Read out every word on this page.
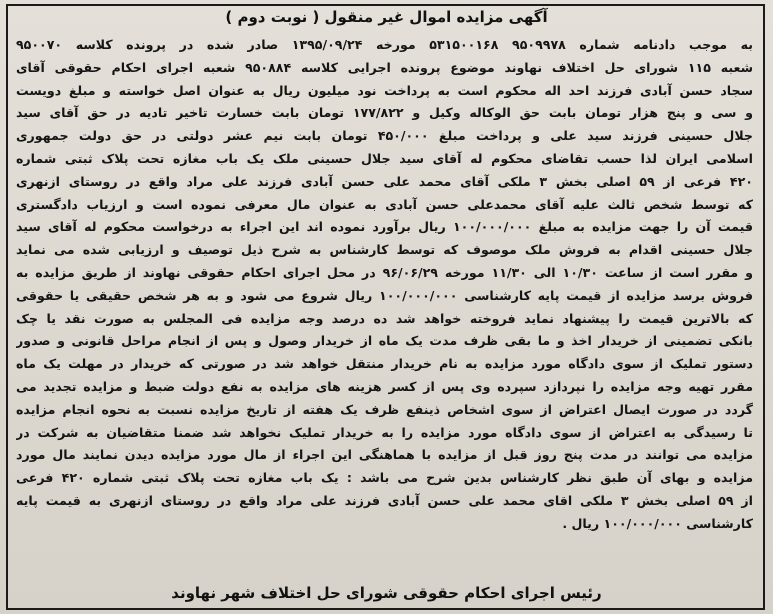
آگهی مزایده اموال غیر منقول ( نوبت دوم )
به موجب دادنامه شماره ۹۵۰۹۹۷۸ ۵۳۱۵۰۰۱۶۸ مورخه ۱۳۹۵/۰۹/۲۴ صادر شده در پرونده کلاسه ۹۵۰۰۷۰
شعبه ۱۱۵ شورای حل اختلاف نهاوند موضوع پرونده اجرایی کلاسه ۹۵۰۸۸۴ شعبه اجرای احکام حقوقی آقای
سجاد حسن آبادی فرزند احد اله محکوم است به پرداخت نود میلیون ریال به عنوان اصل خواسته و مبلغ دویست
و سی و پنج هزار تومان بابت حق الوکاله وکیل و ۱۷۷/۸۲۲ تومان بابت خسارت تاخیر تادیه در حق آقای سید
جلال حسینی فرزند سید علی و پرداخت مبلغ ۴۵۰/۰۰۰ تومان بابت نیم عشر دولتی در حق دولت جمهوری
اسلامی ایران لذا حسب تقاضای محکوم له آقای سید جلال حسینی ملک یک باب مغازه تحت پلاک ثبتی شماره
۴۲۰ فرعی از ۵۹ اصلی بخش ۳ ملکی آقای محمد علی حسن آبادی فرزند علی مراد واقع در روستای ازنهری
که توسط شخص ثالث علیه آقای محمدعلی حسن آبادی به عنوان مال معرفی نموده است و ارزیاب دادگستری
قیمت آن را جهت مزایده به مبلغ ۱۰۰/۰۰۰/۰۰۰ ریال برآورد نموده اند این اجراء به درخواست محکوم له آقای سید
جلال حسینی اقدام به فروش ملک موصوف که توسط کارشناس به شرح ذیل توصیف و ارزیابی شده می نماید
و مقرر است از ساعت ۱۰/۳۰ الی ۱۱/۳۰ مورخه ۹۶/۰۶/۲۹ در محل اجرای احکام حقوقی نهاوند از طریق مزایده به
فروش برسد مزایده از قیمت پایه کارشناسی ۱۰۰/۰۰۰/۰۰۰ ریال شروع می شود و به هر شخص حقیقی یا حقوقی
که بالاترین قیمت را پیشنهاد نماید فروخته خواهد شد ده درصد وجه مزایده فی المجلس به صورت نقد یا چک
بانکی تضمینی از خریدار اخذ و ما بقی ظرف مدت یک ماه از خریدار وصول و پس از انجام مراحل قانونی و صدور
دستور تملیک از سوی دادگاه مورد مزایده به نام خریدار منتقل خواهد شد در صورتی که خریدار در مهلت یک ماه
مقرر تهیه وجه مزایده را نپردازد سپرده وی پس از کسر هزینه های مزایده به نفع دولت ضبط و مزایده تجدید می
گردد در صورت ایصال اعتراض از سوی اشخاص ذینفع ظرف یک هفته از تاریخ مزایده نسبت به نحوه انجام مزایده
تا رسیدگی به اعتراض از سوی دادگاه مورد مزایده را به خریدار تملیک نخواهد شد ضمنا متقاضیان به شرکت در
مزایده می توانند در مدت پنج روز قبل از مزایده با هماهنگی این اجراء از مال مورد مزایده دیدن نمایند مال مورد
مزایده و بهای آن طبق نظر کارشناس بدین شرح می باشد : یک باب مغازه تحت پلاک ثبتی شماره ۴۲۰ فرعی
از ۵۹ اصلی بخش ۳ ملکی اقای محمد علی حسن آبادی فرزند علی مراد واقع در روستای ازنهری به قیمت پایه
کارشناسی ۱۰۰/۰۰۰/۰۰۰ ریال .
رئیس اجرای احکام حقوقی شورای حل اختلاف شهر نهاوند
